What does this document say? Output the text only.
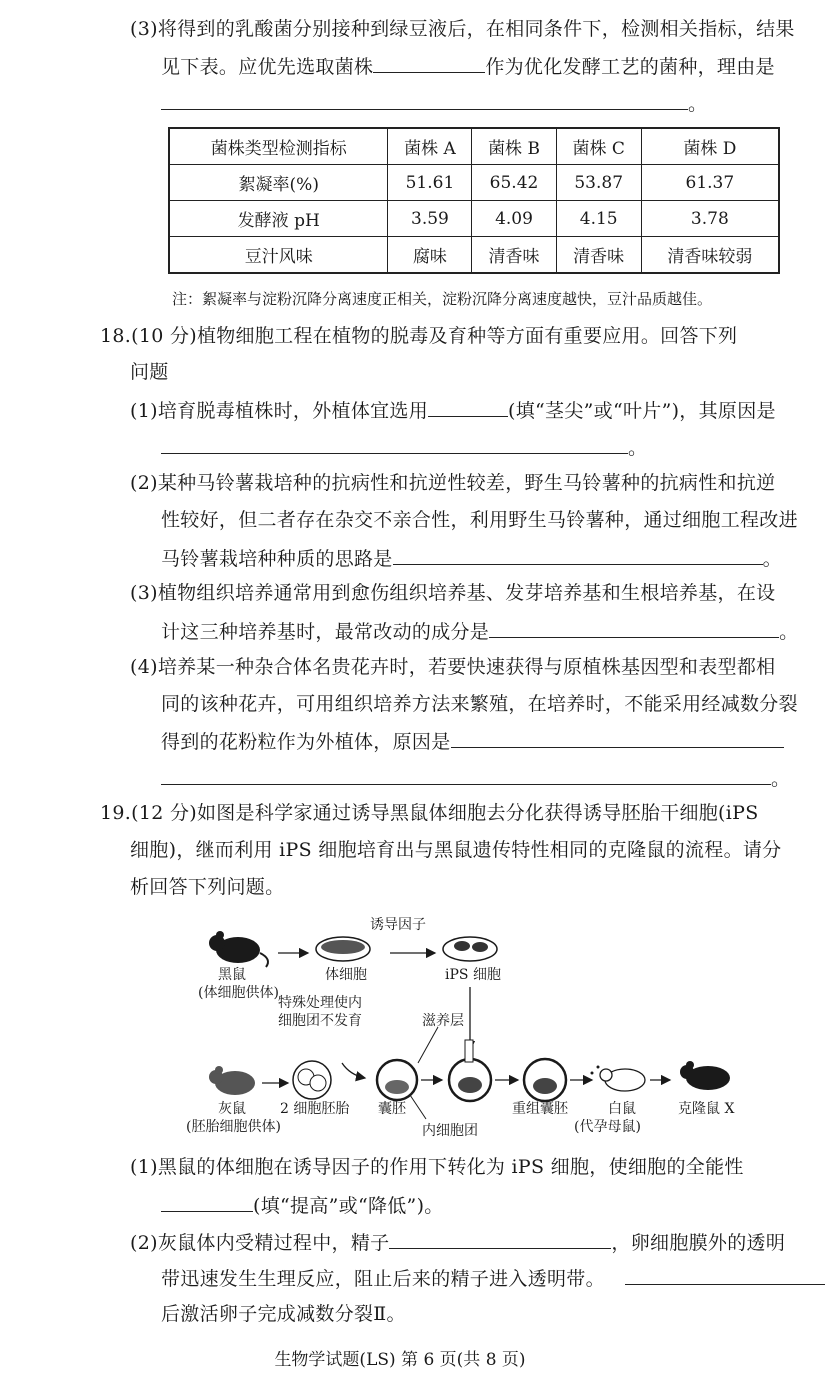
(3)将得到的乳酸菌分别接种到绿豆液后，在相同条件下，检测相关指标，结果
见下表。应优先选取菌株	作为优化发酵工艺的菌种，理由是
。
菌株类型检测指标	菌株 A	菌株 B	菌株 C	菌株 D
絮凝率(%)	51.61	65.42	53.87	61.37
发酵液 pH	3.59	4.09	4.15	3.78
豆汁风味	腐味	清香味	清香味	清香味较弱
注：絮凝率与淀粉沉降分离速度正相关，淀粉沉降分离速度越快，豆汁品质越佳。
18.(10 分)植物细胞工程在植物的脱毒及育种等方面有重要应用。回答下列
问题
(1)培育脱毒植株时，外植体宜选用	(填“茎尖”或“叶片”)，其原因是
。
(2)某种马铃薯栽培种的抗病性和抗逆性较差，野生马铃薯种的抗病性和抗逆
性较好，但二者存在杂交不亲合性，利用野生马铃薯种，通过细胞工程改进
马铃薯栽培种种质的思路是	。
(3)植物组织培养通常用到愈伤组织培养基、发芽培养基和生根培养基，在设
计这三种培养基时，最常改动的成分是	。
(4)培养某一种杂合体名贵花卉时，若要快速获得与原植株基因型和表型都相
同的该种花卉，可用组织培养方法来繁殖，在培养时，不能采用经减数分裂
得到的花粉粒作为外植体，原因是
。
19.(12 分)如图是科学家通过诱导黑鼠体细胞去分化获得诱导胚胎干细胞(iPS
细胞)，继而利用 iPS 细胞培育出与黑鼠遗传特性相同的克隆鼠的流程。请分
析回答下列问题。
黑鼠
(体细胞供体)
体细胞
诱导因子
iPS 细胞
特殊处理使内
细胞团不发育	滋养层
灰鼠
(胚胎细胞供体)
2 细胞胚胎 囊胚
内细胞团
重组囊胚	白鼠
(代孕母鼠)
克隆鼠 X
(1)黑鼠的体细胞在诱导因子的作用下转化为 iPS 细胞，使细胞的全能性
(填“提高”或“降低”)。
(2)灰鼠体内受精过程中，精子	，卵细胞膜外的透明
带迅速发生生理反应，阻止后来的精子进入透明带。
后激活卵子完成减数分裂Ⅱ。
生物学试题(LS) 第 6 页(共 8 页)
